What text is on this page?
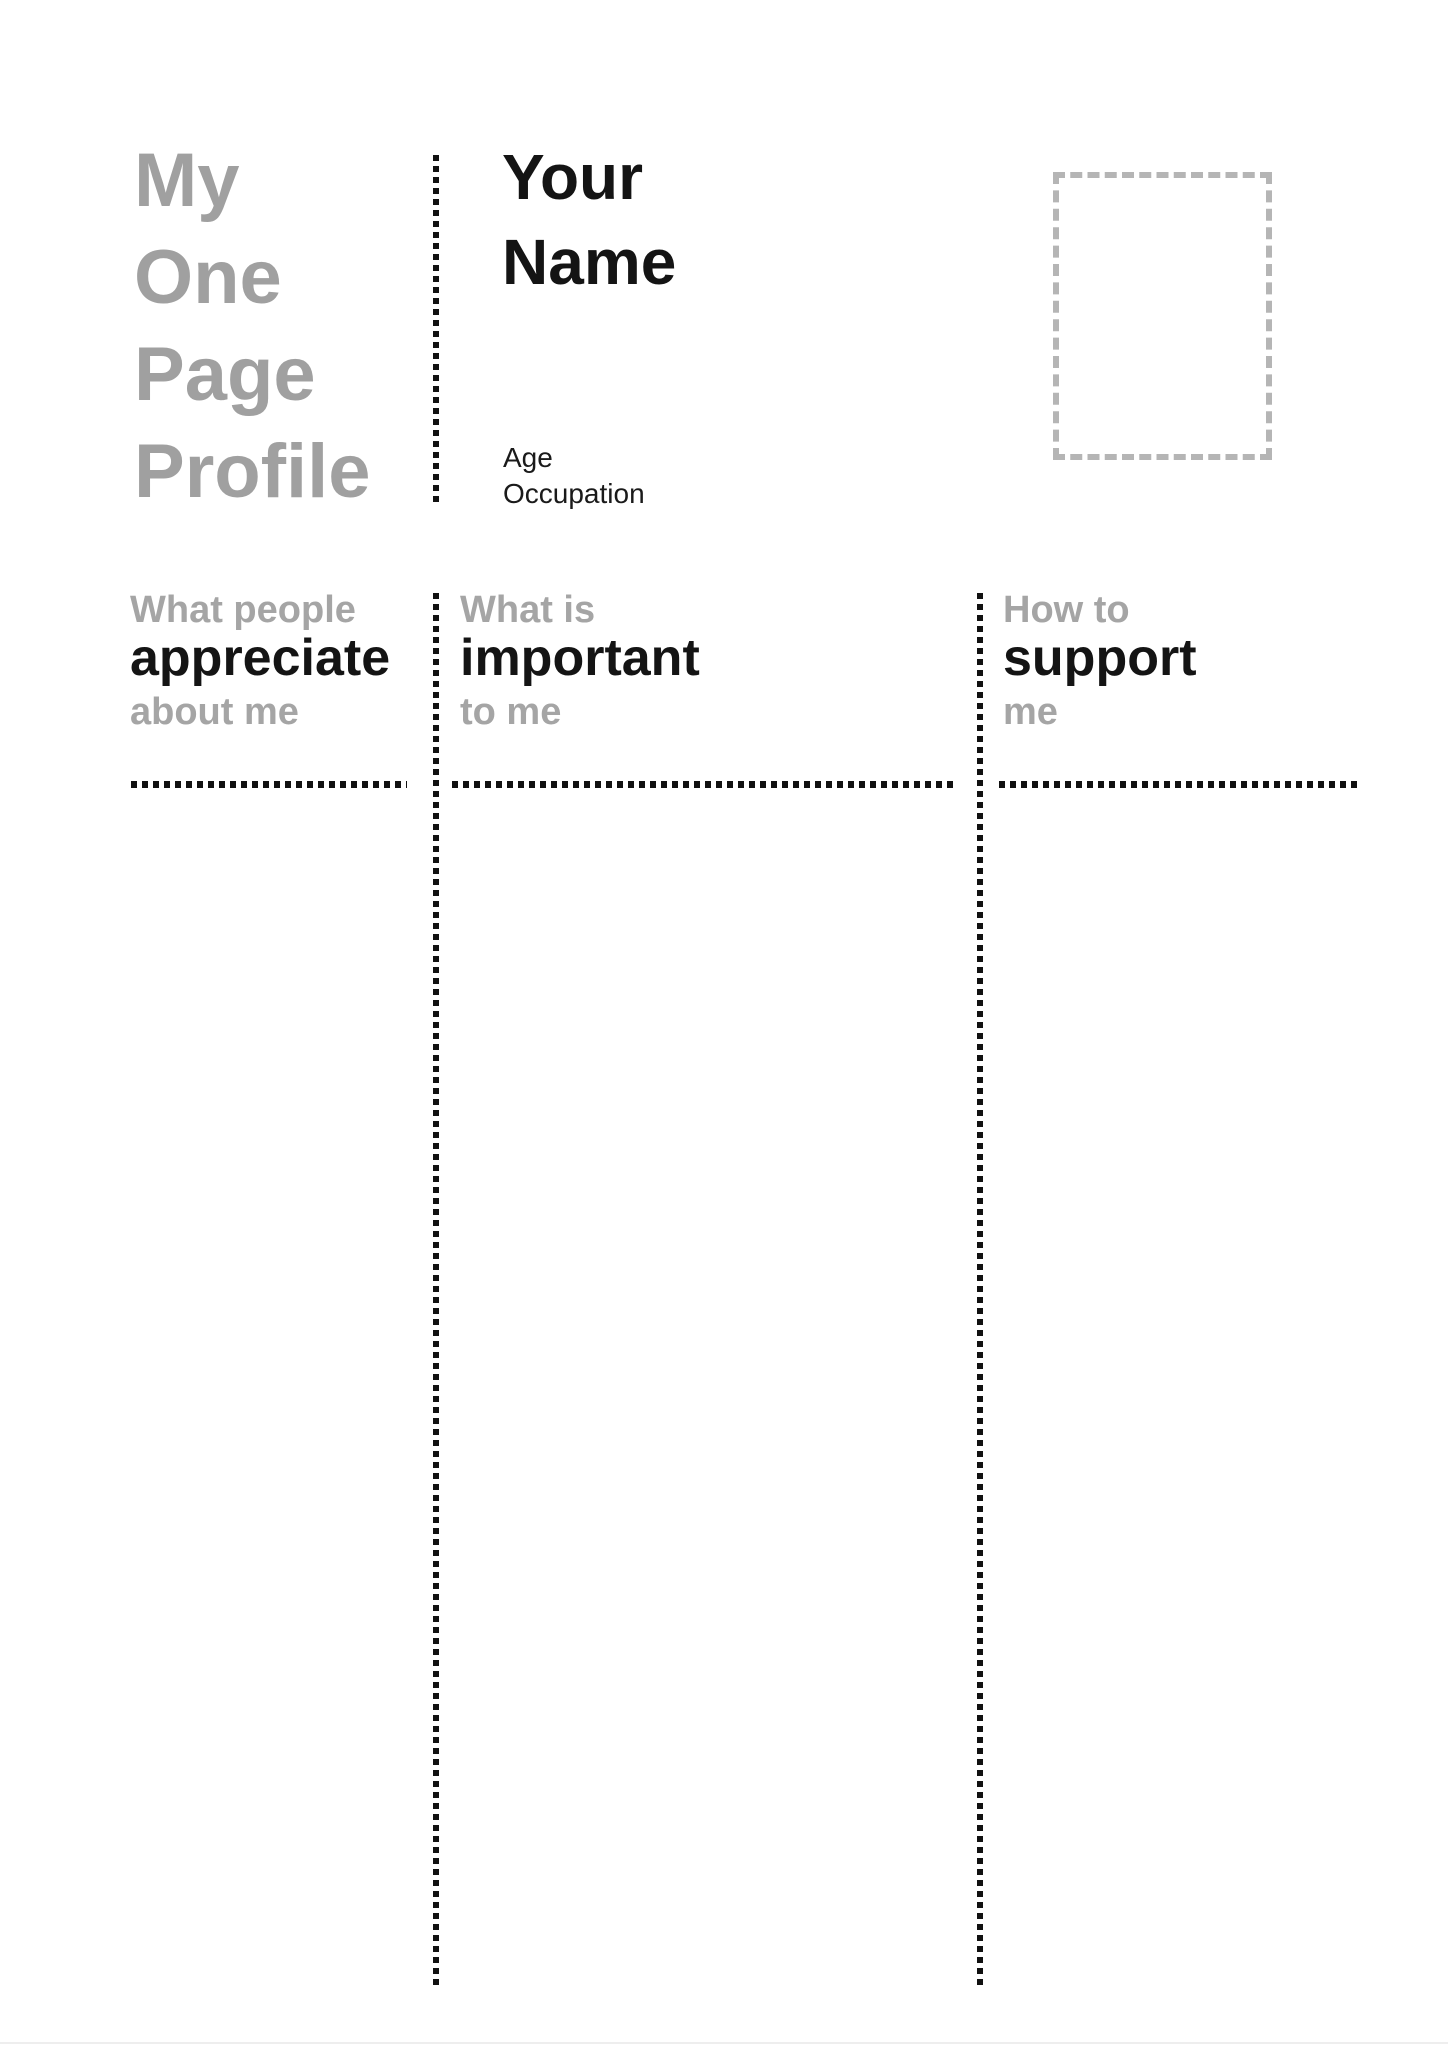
My
One
Page
Profile
Your
Name
Age
Occupation
What people
appreciate
about me
What is
important
to me
How to
support
me
